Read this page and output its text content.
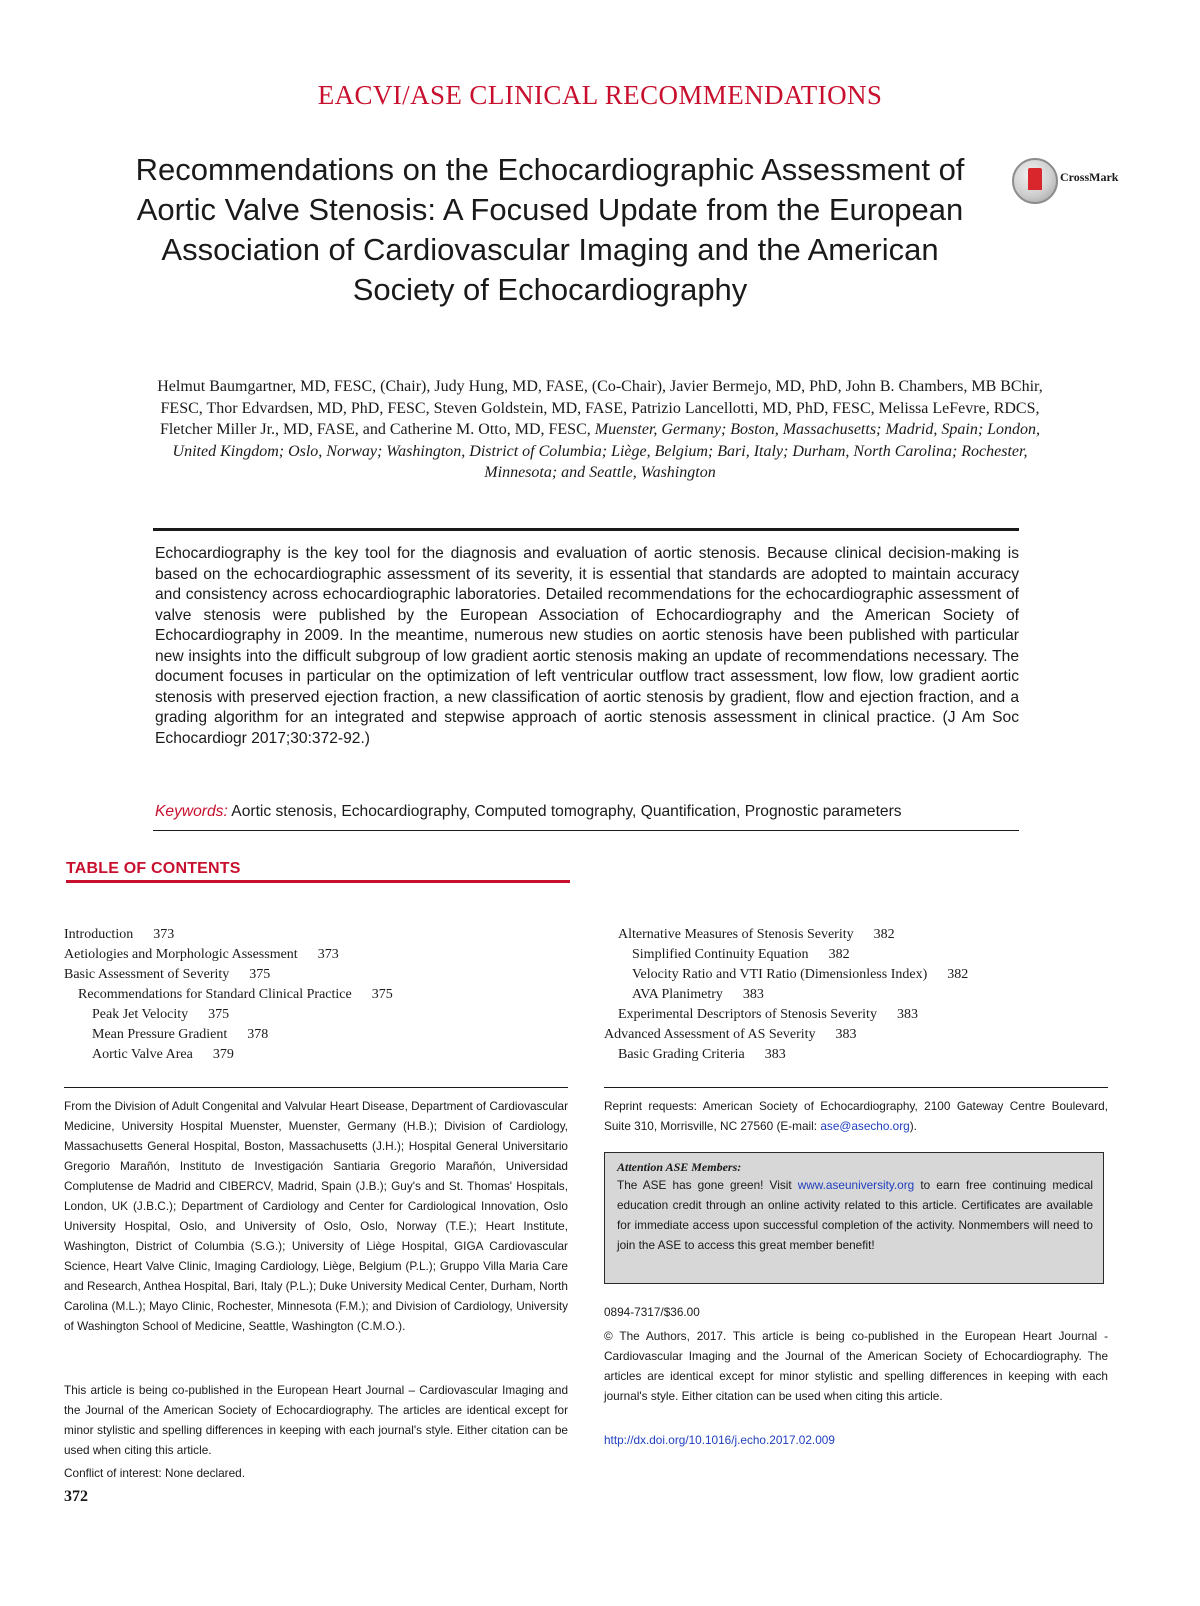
EACVI/ASE CLINICAL RECOMMENDATIONS
CrossMark
Recommendations on the Echocardiographic Assessment of Aortic Valve Stenosis: A Focused Update from the European Association of Cardiovascular Imaging and the American Society of Echocardiography
Helmut Baumgartner, MD, FESC, (Chair), Judy Hung, MD, FASE, (Co-Chair), Javier Bermejo, MD, PhD, John B. Chambers, MB BChir, FESC, Thor Edvardsen, MD, PhD, FESC, Steven Goldstein, MD, FASE, Patrizio Lancellotti, MD, PhD, FESC, Melissa LeFevre, RDCS, Fletcher Miller Jr., MD, FASE, and Catherine M. Otto, MD, FESC, Muenster, Germany; Boston, Massachusetts; Madrid, Spain; London, United Kingdom; Oslo, Norway; Washington, District of Columbia; Liège, Belgium; Bari, Italy; Durham, North Carolina; Rochester, Minnesota; and Seattle, Washington
Echocardiography is the key tool for the diagnosis and evaluation of aortic stenosis. Because clinical decision-making is based on the echocardiographic assessment of its severity, it is essential that standards are adopted to maintain accuracy and consistency across echocardiographic laboratories. Detailed recommendations for the echocardiographic assessment of valve stenosis were published by the European Association of Echocardiography and the American Society of Echocardiography in 2009. In the meantime, numerous new studies on aortic stenosis have been published with particular new insights into the difficult subgroup of low gradient aortic stenosis making an update of recommendations necessary. The document focuses in particular on the optimization of left ventricular outflow tract assessment, low flow, low gradient aortic stenosis with preserved ejection fraction, a new classification of aortic stenosis by gradient, flow and ejection fraction, and a grading algorithm for an integrated and stepwise approach of aortic stenosis assessment in clinical practice. (J Am Soc Echocardiogr 2017;30:372-92.)
Keywords: Aortic stenosis, Echocardiography, Computed tomography, Quantification, Prognostic parameters
TABLE OF CONTENTS
Introduction 373
Aetiologies and Morphologic Assessment 373
Basic Assessment of Severity 375
Recommendations for Standard Clinical Practice 375
Peak Jet Velocity 375
Mean Pressure Gradient 378
Aortic Valve Area 379
Alternative Measures of Stenosis Severity 382
Simplified Continuity Equation 382
Velocity Ratio and VTI Ratio (Dimensionless Index) 382
AVA Planimetry 383
Experimental Descriptors of Stenosis Severity 383
Advanced Assessment of AS Severity 383
Basic Grading Criteria 383
From the Division of Adult Congenital and Valvular Heart Disease, Department of Cardiovascular Medicine, University Hospital Muenster, Muenster, Germany (H.B.); Division of Cardiology, Massachusetts General Hospital, Boston, Massachusetts (J.H.); Hospital General Universitario Gregorio Marañón, Instituto de Investigación Santiaria Gregorio Marañón, Universidad Complutense de Madrid and CIBERCV, Madrid, Spain (J.B.); Guy's and St. Thomas' Hospitals, London, UK (J.B.C.); Department of Cardiology and Center for Cardiological Innovation, Oslo University Hospital, Oslo, and University of Oslo, Oslo, Norway (T.E.); Heart Institute, Washington, District of Columbia (S.G.); University of Liège Hospital, GIGA Cardiovascular Science, Heart Valve Clinic, Imaging Cardiology, Liège, Belgium (P.L.); Gruppo Villa Maria Care and Research, Anthea Hospital, Bari, Italy (P.L.); Duke University Medical Center, Durham, North Carolina (M.L.); Mayo Clinic, Rochester, Minnesota (F.M.); and Division of Cardiology, University of Washington School of Medicine, Seattle, Washington (C.M.O.).
This article is being co-published in the European Heart Journal – Cardiovascular Imaging and the Journal of the American Society of Echocardiography. The articles are identical except for minor stylistic and spelling differences in keeping with each journal's style. Either citation can be used when citing this article.
Conflict of interest: None declared.
Reprint requests: American Society of Echocardiography, 2100 Gateway Centre Boulevard, Suite 310, Morrisville, NC 27560 (E-mail: ase@asecho.org).
Attention ASE Members:
The ASE has gone green! Visit www.aseuniversity.org to earn free continuing medical education credit through an online activity related to this article. Certificates are available for immediate access upon successful completion of the activity. Nonmembers will need to join the ASE to access this great member benefit!
0894-7317/$36.00
© The Authors, 2017. This article is being co-published in the European Heart Journal - Cardiovascular Imaging and the Journal of the American Society of Echocardiography. The articles are identical except for minor stylistic and spelling differences in keeping with each journal's style. Either citation can be used when citing this article.
http://dx.doi.org/10.1016/j.echo.2017.02.009
372
